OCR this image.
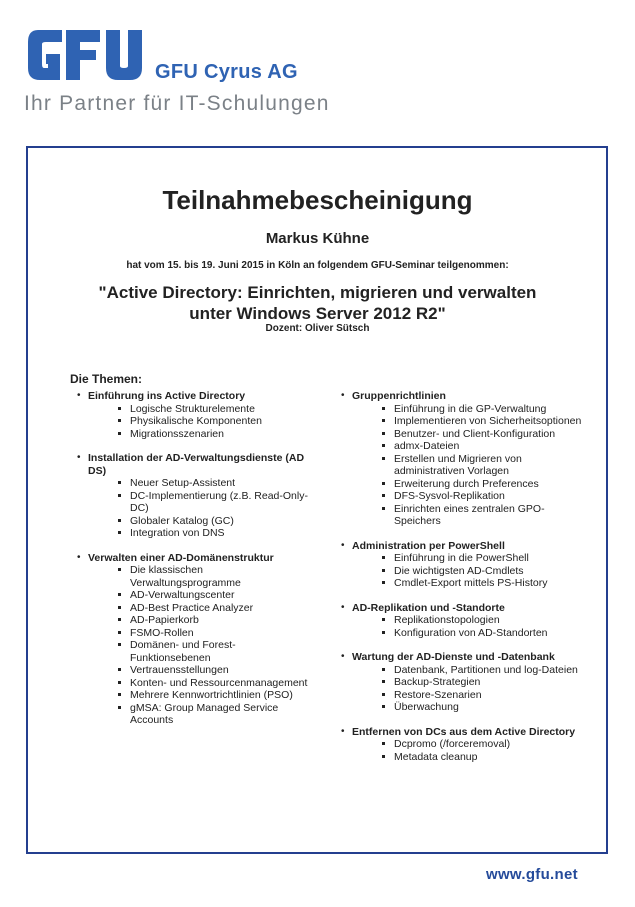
GFU Cyrus AG
Ihr Partner für IT-Schulungen
Teilnahmebescheinigung
Markus Kühne
hat vom 15. bis 19. Juni 2015 in Köln an folgendem GFU-Seminar teilgenommen:
"Active Directory: Einrichten, migrieren und verwalten
unter Windows Server 2012 R2"
Dozent: Oliver Sütsch
Die Themen:
• Einführung ins Active Directory
Logische Strukturelemente
Physikalische Komponenten
Migrationsszenarien
• Installation der AD-Verwaltungsdienste (AD DS)
Neuer Setup-Assistent
DC-Implementierung (z.B. Read-Only-DC)
Globaler Katalog (GC)
Integration von DNS
• Verwalten einer AD-Domänenstruktur
Die klassischen Verwaltungsprogramme
AD-Verwaltungscenter
AD-Best Practice Analyzer
AD-Papierkorb
FSMO-Rollen
Domänen- und Forest-Funktionsebenen
Vertrauensstellungen
Konten- und Ressourcenmanagement
Mehrere Kennwortrichtlinien (PSO)
gMSA: Group Managed Service Accounts
• Gruppenrichtlinien
Einführung in die GP-Verwaltung
Implementieren von Sicherheitsoptionen
Benutzer- und Client-Konfiguration
admx-Dateien
Erstellen und Migrieren von administrativen Vorlagen
Erweiterung durch Preferences
DFS-Sysvol-Replikation
Einrichten eines zentralen GPO-Speichers
• Administration per PowerShell
Einführung in die PowerShell
Die wichtigsten AD-Cmdlets
Cmdlet-Export mittels PS-History
• AD-Replikation und -Standorte
Replikationstopologien
Konfiguration von AD-Standorten
• Wartung der AD-Dienste und -Datenbank
Datenbank, Partitionen und log-Dateien
Backup-Strategien
Restore-Szenarien
Überwachung
• Entfernen von DCs aus dem Active Directory
Dcpromo (/forceremoval)
Metadata cleanup
www.gfu.net
